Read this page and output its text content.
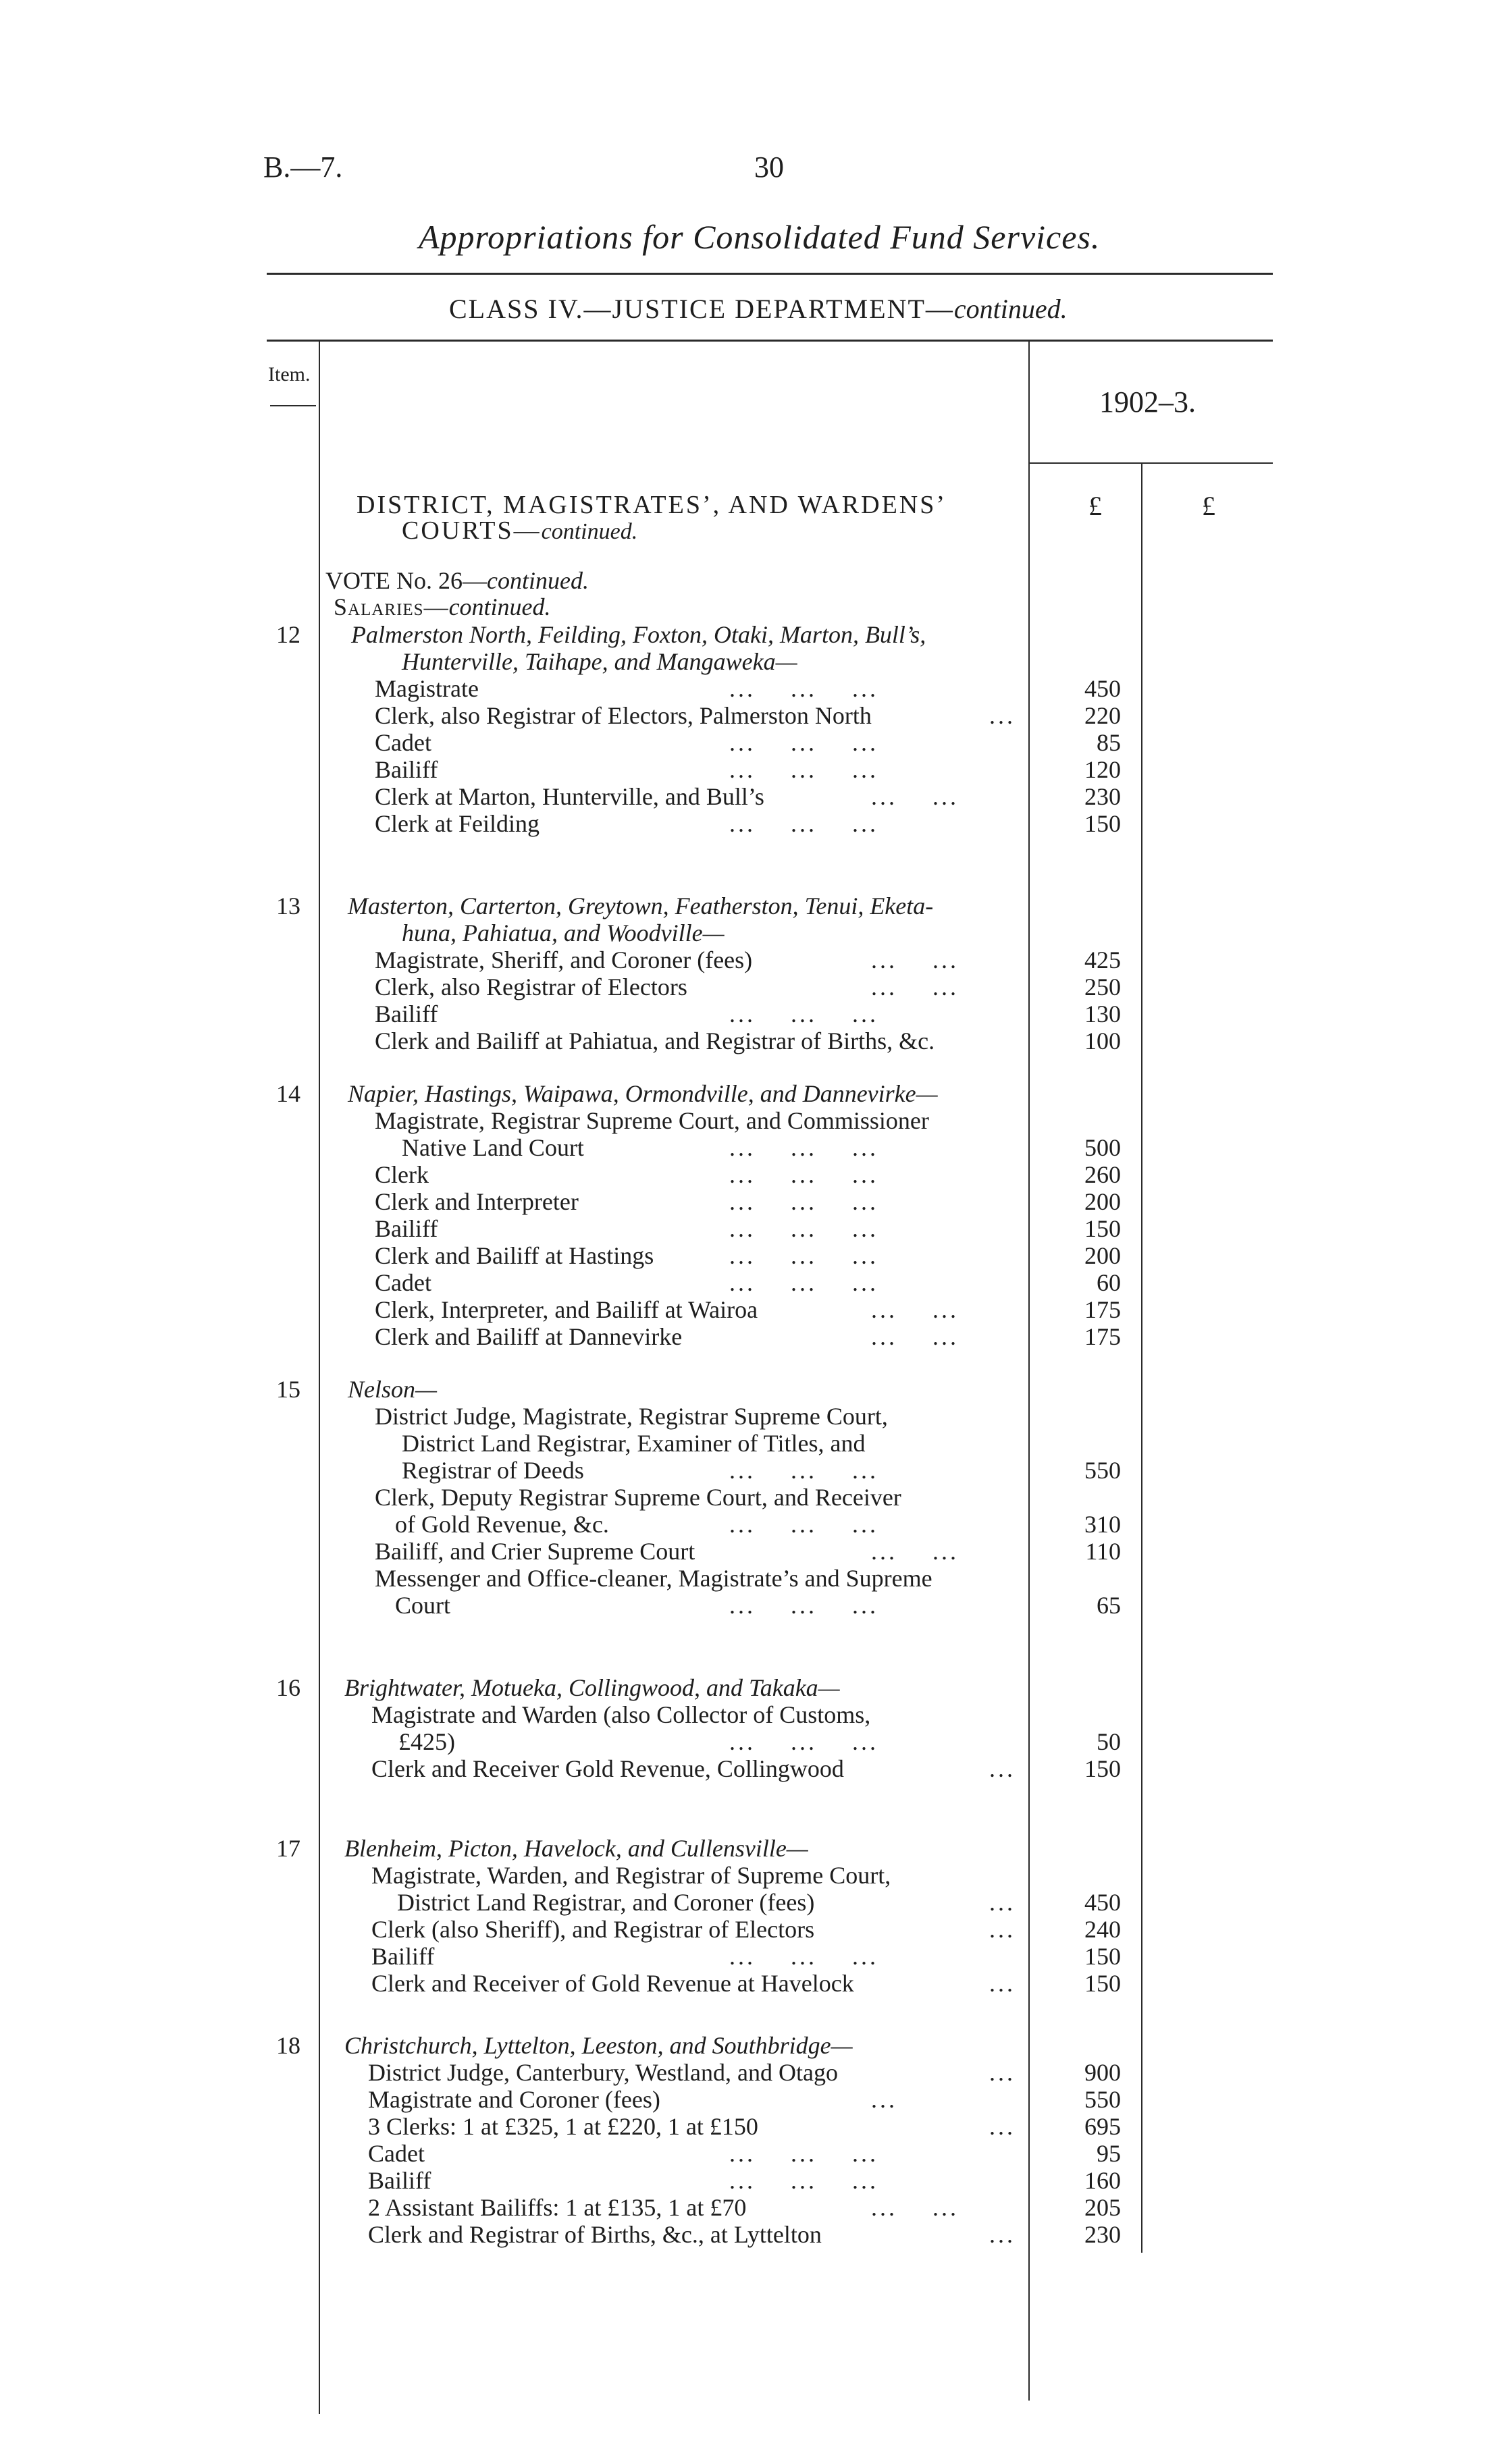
B.—7.	30
Appropriations for Consolidated Fund Services.
CLASS IV.—JUSTICE DEPARTMENT—continued.
Item.
1902–3.
DISTRICT, MAGISTRATES’, AND WARDENS’
COURTS—continued.
£	£
VOTE No. 26—continued.
Salaries—continued.
12 Palmerston North, Feilding, Foxton, Otaki, Marton, Bull’s,
Hunterville, Taihape, and Mangaweka—
Magistrate	...    ...    ...	450
Clerk, also Registrar of Electors, Palmerston North	...	220
Cadet	...    ...    ...	85
Bailiff	...    ...    ...	120
Clerk at Marton, Hunterville, and Bull’s	...    ...	230
Clerk at Feilding	...    ...    ...	150
13 Masterton, Carterton, Greytown, Featherston, Tenui, Eketa-
huna, Pahiatua, and Woodville—
Magistrate, Sheriff, and Coroner (fees)	...    ...	425
Clerk, also Registrar of Electors	...    ...	250
Bailiff	...    ...    ...	130
Clerk and Bailiff at Pahiatua, and Registrar of Births, &c.	100
14 Napier, Hastings, Waipawa, Ormondville, and Dannevirke—
Magistrate, Registrar Supreme Court, and Commissioner
Native Land Court	...    ...    ...	500
Clerk	...    ...    ...	260
Clerk and Interpreter	...    ...    ...	200
Bailiff	...    ...    ...	150
Clerk and Bailiff at Hastings	...    ...    ...	200
Cadet	...    ...    ...	60
Clerk, Interpreter, and Bailiff at Wairoa	...    ...	175
Clerk and Bailiff at Dannevirke	...    ...	175
15 Nelson—
District Judge, Magistrate, Registrar Supreme Court,
District Land Registrar, Examiner of Titles, and
Registrar of Deeds	...    ...    ...	550
Clerk, Deputy Registrar Supreme Court, and Receiver
of Gold Revenue, &c.	...    ...    ...	310
Bailiff, and Crier Supreme Court	...    ...	110
Messenger and Office-cleaner, Magistrate’s and Supreme
Court	...    ...    ...	65
16 Brightwater, Motueka, Collingwood, and Takaka—
Magistrate and Warden (also Collector of Customs,
£425)	...    ...    ...	50
Clerk and Receiver Gold Revenue, Collingwood	...	150
17 Blenheim, Picton, Havelock, and Cullensville—
Magistrate, Warden, and Registrar of Supreme Court,
District Land Registrar, and Coroner (fees)	...	450
Clerk (also Sheriff), and Registrar of Electors	...	240
Bailiff	...    ...    ...	150
Clerk and Receiver of Gold Revenue at Havelock	...	150
18 Christchurch, Lyttelton, Leeston, and Southbridge—
District Judge, Canterbury, Westland, and Otago	...	900
Magistrate and Coroner (fees)	...	550
3 Clerks: 1 at £325, 1 at £220, 1 at £150	...	695
Cadet	...    ...    ...	95
Bailiff	...    ...    ...	160
2 Assistant Bailiffs: 1 at £135, 1 at £70	...    ...	205
Clerk and Registrar of Births, &c., at Lyttelton	...	230
